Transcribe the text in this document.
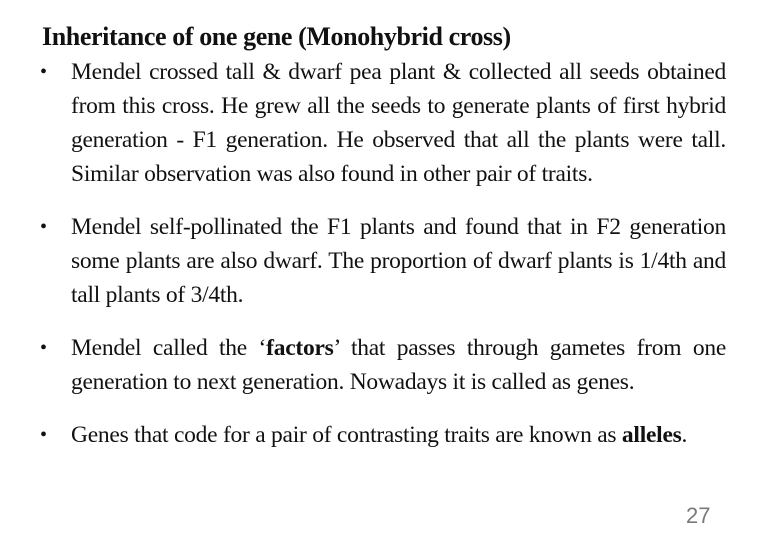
Inheritance of one gene (Monohybrid cross)
• Mendel crossed tall & dwarf pea plant & collected all seeds obtained from this cross. He grew all the seeds to generate plants of first hybrid generation - F1 generation. He observed that all the plants were tall. Similar observation was also found in other pair of traits.
• Mendel self-pollinated the F1 plants and found that in F2 generation some plants are also dwarf. The proportion of dwarf plants is 1/4th and tall plants of 3/4th.
• Mendel called the ‘factors’ that passes through gametes from one generation to next generation. Nowadays it is called as genes.
• Genes that code for a pair of contrasting traits are known as alleles.
27
